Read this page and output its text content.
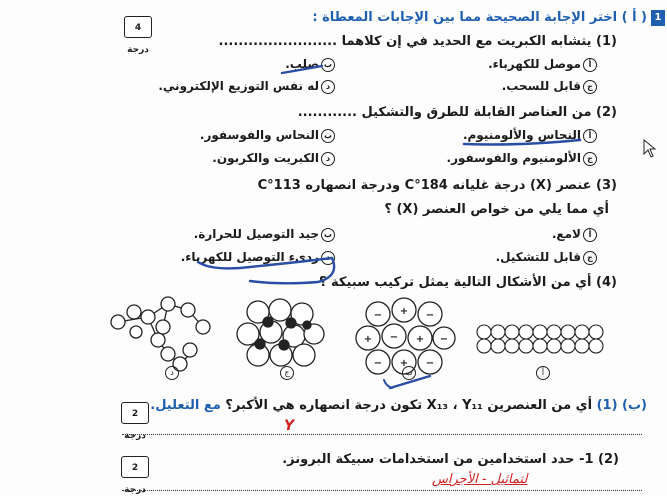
1
( أ ) اختر الإجابة الصحيحة مما بين الإجابات المعطاة :
4 درجة
(1) يتشابه الكبريت مع الحديد في إن كلاهما ........................
أموصل للكهرباء.
بصلب.
جقابل للسحب.
دله نفس التوزيع الإلكتروني.
(2) من العناصر القابلة للطرق والتشكيل ............
أالنحاس والألومنيوم.
بالنحاس والفوسفور.
جالألومنيوم والفوسفور.
دالكبريت والكربون.
(3) عنصر (X) درجة غليانه 184°C ودرجة انصهاره 113°C
أي مما يلي من خواص العنصر (X) ؟
ألامع.
بجيد التوصيل للحرارة.
جقابل للتشكيل.
دردىء التوصيل للكهرباء.
(4) أي من الأشكال التالية يمثل تركيب سبيكة ؟
− + −
+ − + −
− + −
د	ج	ب	أ
(ب) (1) أي من العنصرين X₁₃ ، Y₁₁ تكون درجة انصهاره هي الأكبر؟ مع التعليل.
2 درجة
Y
(2) 1- حدد استخدامين من استخدامات سبيكة البرونز.
2 درجة
لتماثيل - الأجراس
